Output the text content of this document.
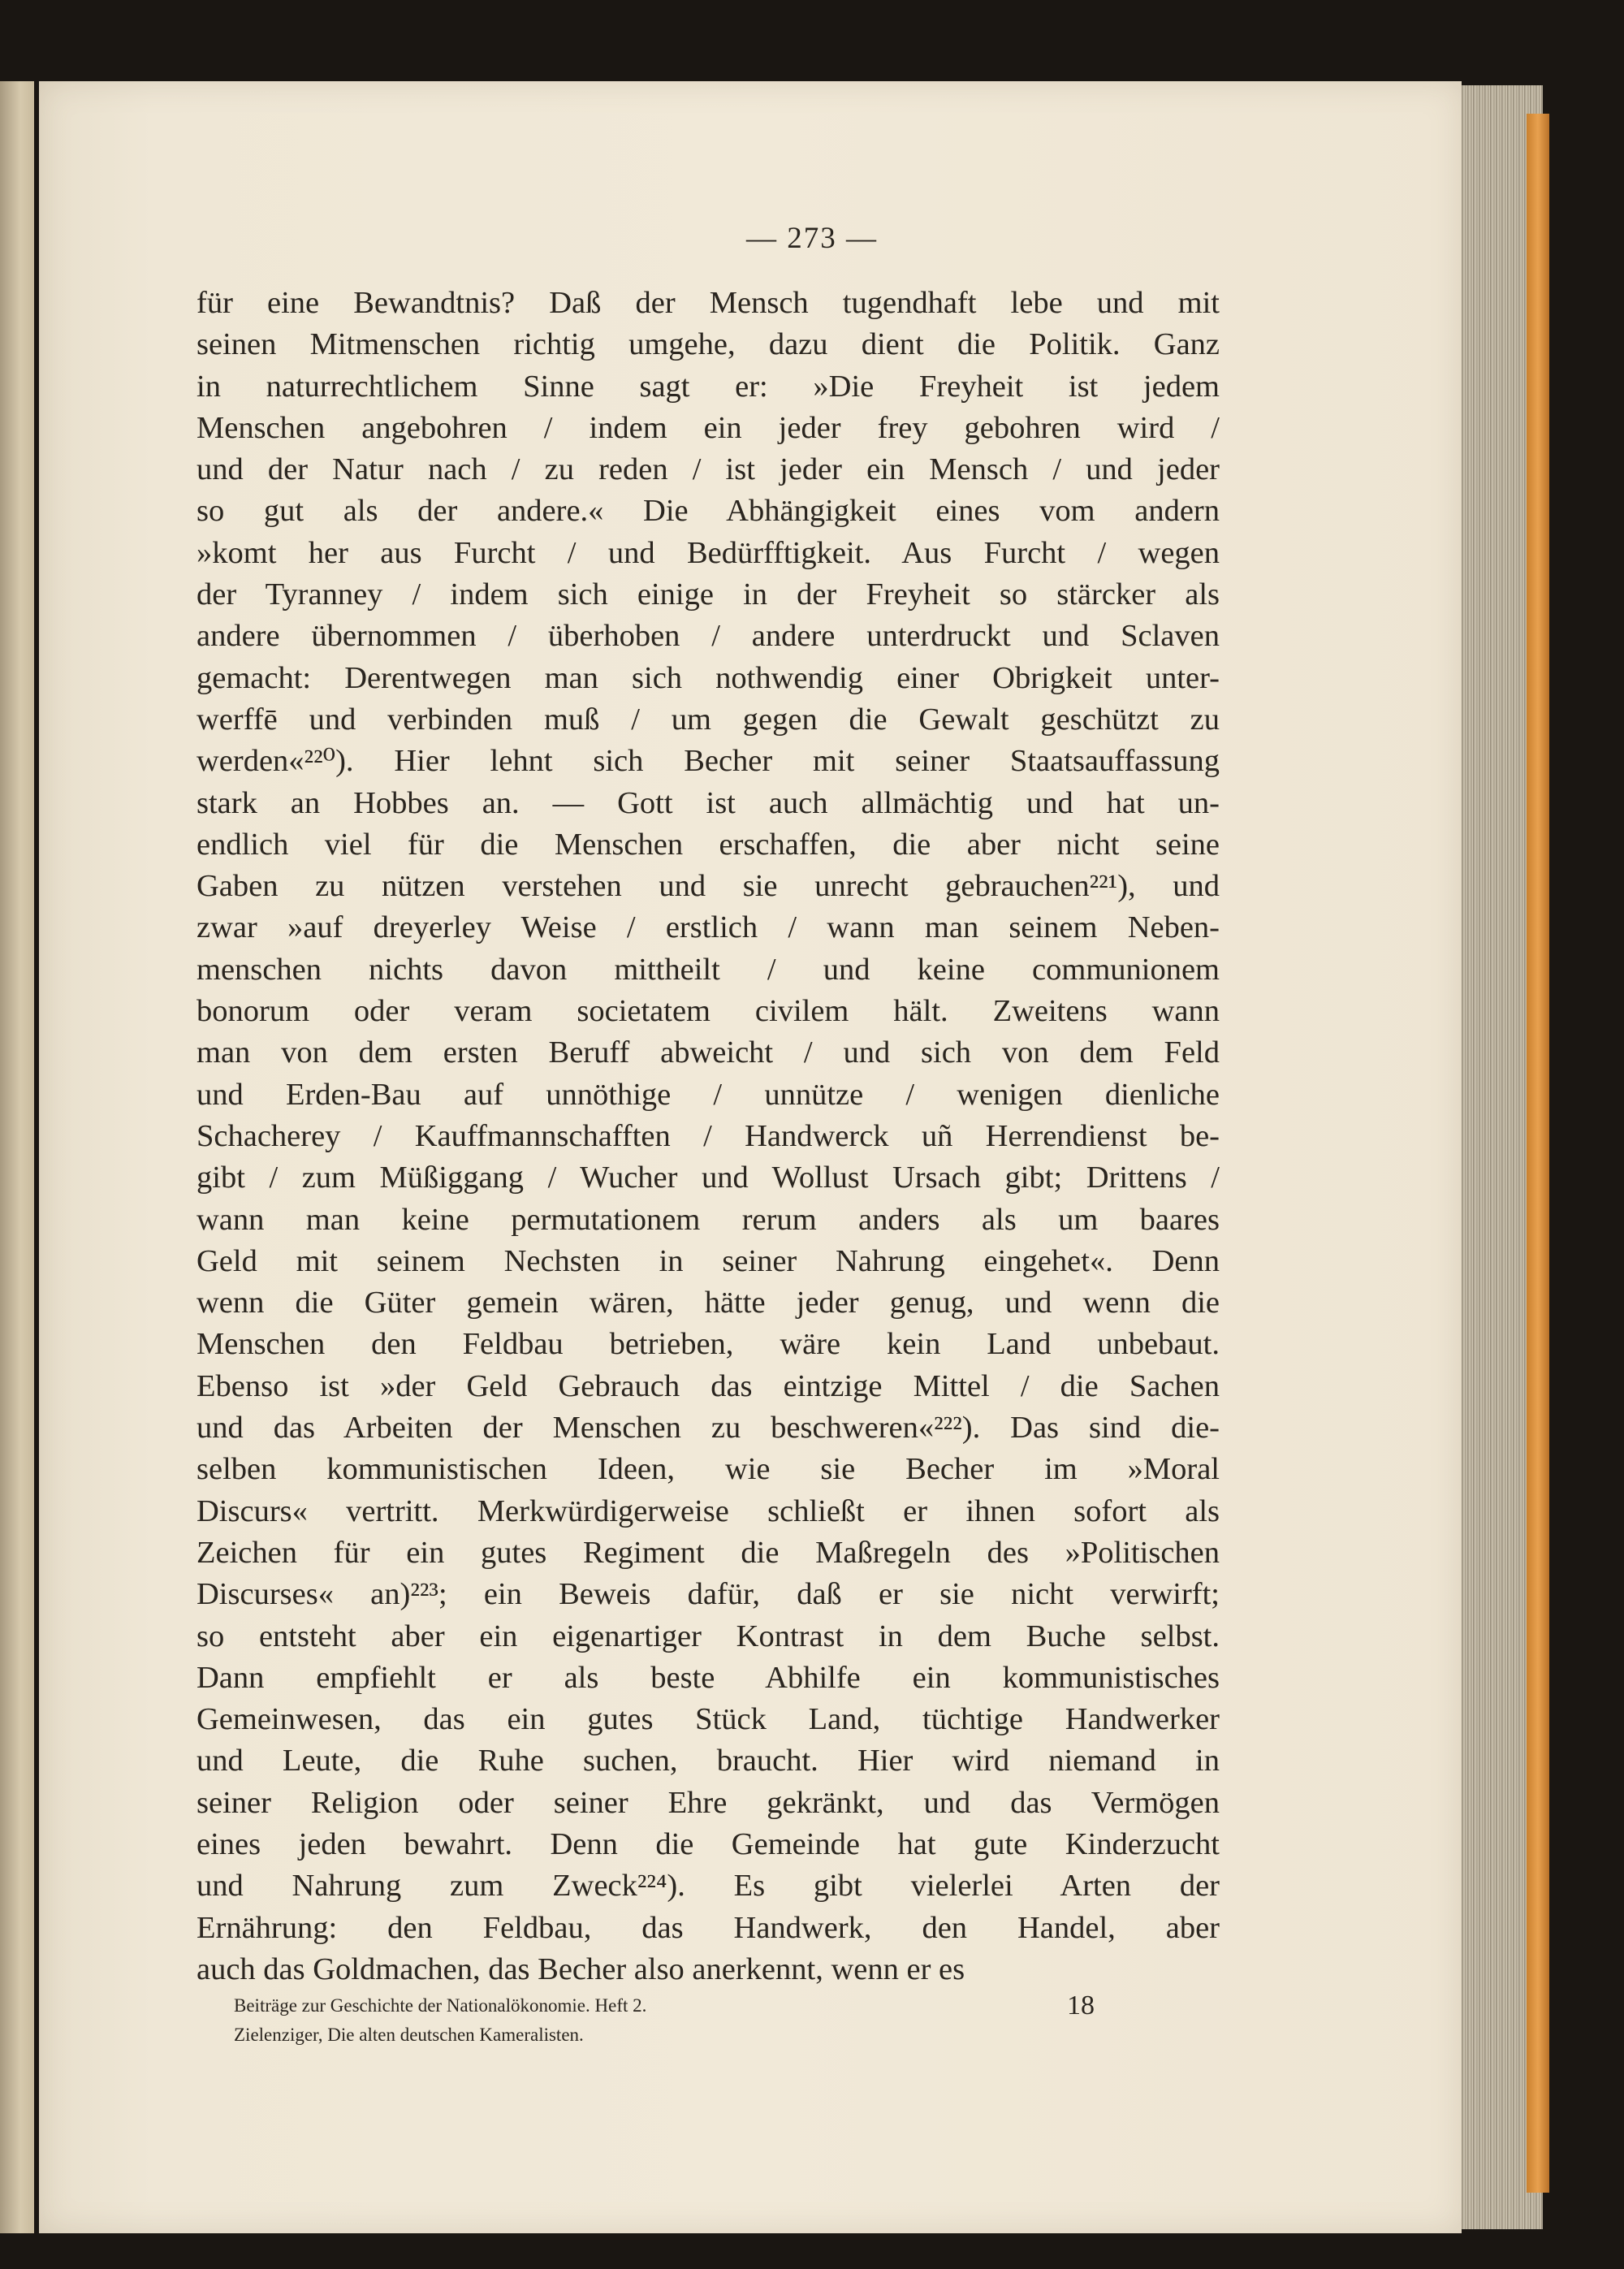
— 273 —
für eine Bewandtnis? Daß der Mensch tugendhaft lebe und mit
seinen Mitmenschen richtig umgehe, dazu dient die Politik. Ganz
in naturrechtlichem Sinne sagt er: »Die Freyheit ist jedem
Menschen angebohren / indem ein jeder frey gebohren wird /
und der Natur nach / zu reden / ist jeder ein Mensch / und jeder
so gut als der andere.« Die Abhängigkeit eines vom andern
»komt her aus Furcht / und Bedürfftigkeit. Aus Furcht / wegen
der Tyranney / indem sich einige in der Freyheit so stärcker als
andere übernommen / überhoben / andere unterdruckt und Sclaven
gemacht: Derentwegen man sich nothwendig einer Obrigkeit unter-
werffē und verbinden muß / um gegen die Gewalt geschützt zu
werden«²²⁰). Hier lehnt sich Becher mit seiner Staatsauffassung
stark an Hobbes an. — Gott ist auch allmächtig und hat un-
endlich viel für die Menschen erschaffen, die aber nicht seine
Gaben zu nützen verstehen und sie unrecht gebrauchen²²¹), und
zwar »auf dreyerley Weise / erstlich / wann man seinem Neben-
menschen nichts davon mittheilt / und keine communionem
bonorum oder veram societatem civilem hält. Zweitens wann
man von dem ersten Beruff abweicht / und sich von dem Feld
und Erden-Bau auf unnöthige / unnütze / wenigen dienliche
Schacherey / Kauffmannschafften / Handwerck uñ Herrendienst be-
gibt / zum Müßiggang / Wucher und Wollust Ursach gibt; Drittens /
wann man keine permutationem rerum anders als um baares
Geld mit seinem Nechsten in seiner Nahrung eingehet«. Denn
wenn die Güter gemein wären, hätte jeder genug, und wenn die
Menschen den Feldbau betrieben, wäre kein Land unbebaut.
Ebenso ist »der Geld Gebrauch das eintzige Mittel / die Sachen
und das Arbeiten der Menschen zu beschweren«²²²). Das sind die-
selben kommunistischen Ideen, wie sie Becher im »Moral
Discurs« vertritt. Merkwürdigerweise schließt er ihnen sofort als
Zeichen für ein gutes Regiment die Maßregeln des »Politischen
Discurses« an)²²³; ein Beweis dafür, daß er sie nicht verwirft;
so entsteht aber ein eigenartiger Kontrast in dem Buche selbst.
Dann empfiehlt er als beste Abhilfe ein kommunistisches
Gemeinwesen, das ein gutes Stück Land, tüchtige Handwerker
und Leute, die Ruhe suchen, braucht. Hier wird niemand in
seiner Religion oder seiner Ehre gekränkt, und das Vermögen
eines jeden bewahrt. Denn die Gemeinde hat gute Kinderzucht
und Nahrung zum Zweck²²⁴). Es gibt vielerlei Arten der
Ernährung: den Feldbau, das Handwerk, den Handel, aber
auch das Goldmachen, das Becher also anerkennt, wenn er es
Beiträge zur Geschichte der Nationalökonomie. Heft 2.	18
Zielenziger, Die alten deutschen Kameralisten.
